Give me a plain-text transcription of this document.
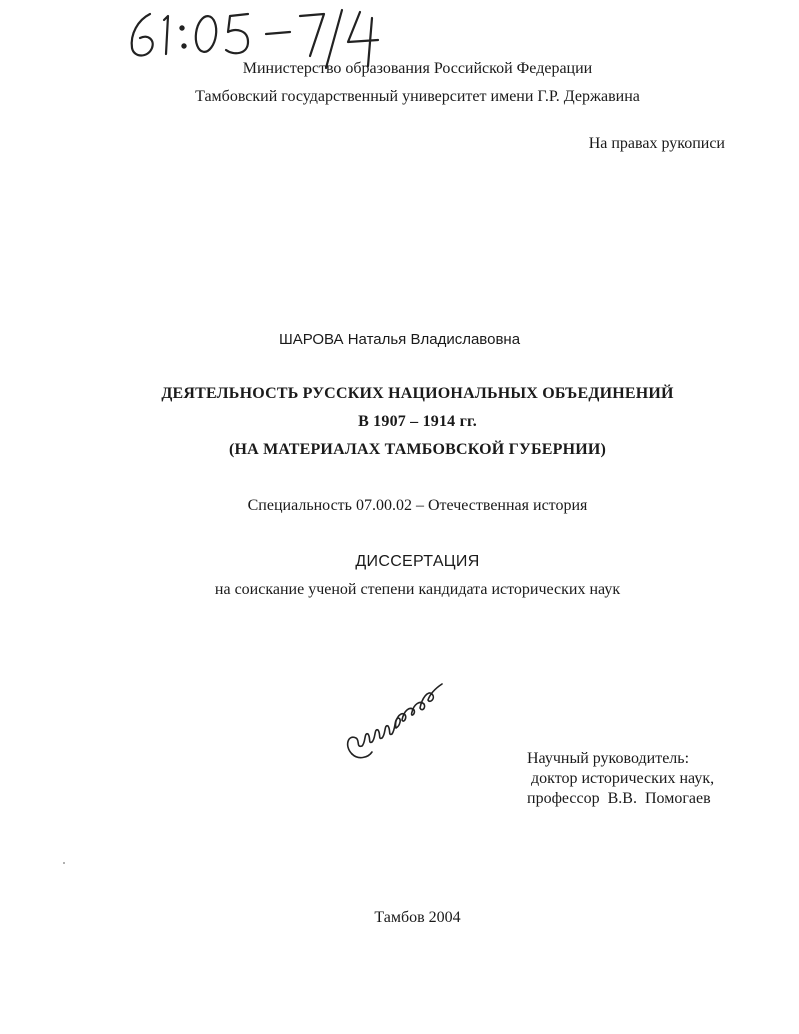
Министерство образования Российской Федерации
Тамбовский государственный университет имени Г.Р. Державина
На правах рукописи
ШАРОВА Наталья Владиславовна
ДЕЯТЕЛЬНОСТЬ РУССКИХ НАЦИОНАЛЬНЫХ ОБЪЕДИНЕНИЙ
В 1907 – 1914 гг.
(НА МАТЕРИАЛАХ ТАМБОВСКОЙ ГУБЕРНИИ)
Специальность 07.00.02 – Отечественная история
ДИССЕРТАЦИЯ
на соискание ученой степени кандидата исторических наук
Научный руководитель:
доктор исторических наук,
профессор  В.В.  Помогаев
Тамбов 2004
